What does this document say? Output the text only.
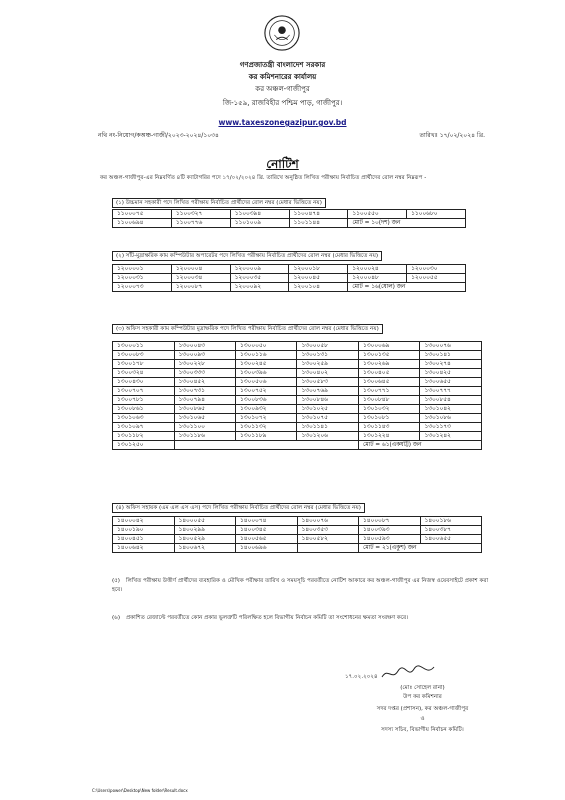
গণপ্রজাতন্ত্রী বাংলাদেশ সরকার
কর কমিশনারের কার্যালয়
কর অঞ্চল-গাজীপুর
জি-১৫৯, রাজবিহীর পশ্চিম পাড়, গাজীপুর।
www.taxeszonegazipur.gov.bd
নথি নং-নিয়োগ/কঅঞ্চ-গাজী/২০২৩-২০২৪/১০৩৪	তারিখঃ ১৭/০২/২০২৪ খ্রি.
নোটিশ
কর অঞ্চল-গাজীপুর-এর নিম্নবর্ণিত ৪টি ক্যাটাগরির পদে ১৭/০২/২০২৪ খ্রি. তারিখে অনুষ্ঠিত লিখিত পরীক্ষায় নির্বাচিত প্রার্থীদের রোল নম্বর নিম্নরূপ -
(১) উচ্চমান সহকারী পদে লিখিত পরীক্ষায় নির্বাচিত প্রার্থীদের রোল নম্বর (মেধার ভিত্তিতে নয়)
১১০০০৭৫	১১০০৩২৭	১১০০৩৯৪	১১০০৪৭৪	১১০০৫৫০	১১০০৬৮০
১১০০৬৯৪	১১০০৭৭৬	১১০১০০৯	১১০১১৪৪	মোট = ১০(দশ) জন	
(২) সাঁট-মুদ্রাক্ষরিক কাম কম্পিউটার অপারেটর পদে লিখিত পরীক্ষায় নির্বাচিত প্রার্থীদের রোল নম্বর (মেধার ভিত্তিতে নয়)
১২০০০০১	১২০০০০৪	১২০০০০৯	১২০০০১৮	১২০০০২৪	১২০০০৩০
১২০০০৩১	১২০০০৩৪	১২০০০৩৫	১২০০০৪৫	১২০০০৪৮	১২০০০৫৫
১২০০০৭৩	১২০০০৮৭	১২০০০৯২	১২০০১০৪	মোট = ১৬(ষোল) জন	
(৩) অফিস সহকারী কাম কম্পিউটার মুদ্রাক্ষরিক পদে লিখিত পরীক্ষায় নির্বাচিত প্রার্থীদের রোল নম্বর (মেধার ভিত্তিতে নয়)
১৩০০০১১	১৩০০০৪৩	১৩০০০৫০	১৩০০০৫৮	১৩০০০৬৯	১৩০০০৭৬
১৩০০০৮৩	১৩০০০৯৩	১৩০০১১৬	১৩০০১৩১	১৩০০১৩৫	১৩০০১৪১
১৩০০১৭৮	১৩০০২২৮	১৩০০২৪৫	১৩০০২৫৯	১৩০০২৬৯	১৩০০২৭৪
১৩০০৩২৪	১৩০০৩৩৩	১৩০০৩৯৬	১৩০০৪০২	১৩০০৪০৫	১৩০০৪২৫
১৩০০৪৩০	১৩০০৪৫২	১৩০০৫০৬	১৩০০৫৮৩	১৩০০৬৪৫	১৩০০৬৫৫
১৩০০৭০৭	১৩০০৭৩১	১৩০০৭৫২	১৩০০৭৬৯	১৩০০৭৭১	১৩০০৭৭৭
১৩০০৭৮১	১৩০০৭৯৪	১৩০০৮৩৬	১৩০০৮৪৬	১৩০০৮৪৮	১৩০০৮৫৪
১৩০০৮৬১	১৩০০৮৬৫	১৩০০৯৩২	১৩০১০২৫	১৩০১০৩২	১৩০১০৪২
১৩০১০৬৩	১৩০১০৬৫	১৩০১০৭২	১৩০১০৭৫	১৩০১০৮১	১৩০১০৮৬
১৩০১০৯৭	১৩০১১০০	১৩০১১৩২	১৩০১১৪১	১৩০১১৪৩	১৩০১১৭৩
১৩০১১৮২	১৩০১১৮৬	১৩০১১৮৯	১৩০১২০৬	১৩০১২২৪	১৩০১২৪২
১৩০১২৫০				মোট = ৬১(একষট্টি) জন	
(৪) অফিস সহায়ক (এম এল এস এস) পদে লিখিত পরীক্ষায় নির্বাচিত প্রার্থীদের রোল নম্বর (মেধার ভিত্তিতে নয়)
১৪০০০৪২	১৪০০০৫৫	১৪০০০৭৪	১৪০০০৭৬	১৪০০০৮৭	১৪০০১৮৬
১৪০০১৯০	১৪০০২৯৯	১৪০০৩৪৫	১৪০০৩৫৩	১৪০০৩৯৩	১৪০০৩৮৭
১৪০০৪৫১	১৪০০৫২৯	১৪০০৫৬৫	১৪০০৫৮২	১৪০০৫৯৩	১৪০০৬৫৫
১৪০০৬৪২	১৪০০৬৭২	১৪০০৬৯৬		মোট = ২১(একুশ) জন	
(৫) লিখিত পরীক্ষায় উত্তীর্ণ প্রার্থীদের ব্যবহারিক ও মৌখিক পরীক্ষার তারিখ ও সময়সূচি পরবর্তীতে নোটিশ আকারে কর অঞ্চল-গাজীপুর এর নিজস্ব ওয়েবসাইটে প্রকাশ করা হবে।
(৬) প্রকাশিত রেজাল্টে পরবর্তীতে কোন প্রকার ভুলত্রুটি পরিলক্ষিত হলে বিভাগীয় নির্বাচন কমিটি তা সংশোধনের ক্ষমতা সংরক্ষণ করে।
১৭.০২.২০২৪
(মোঃ সোহেল রানা)
উপ কর কমিশনার
সদর দপ্তর (প্রশাসন), কর অঞ্চল-গাজীপুর
ও
সদস্য সচিব, বিভাগীয় নির্বাচন কমিটি।
C:\Users\power\Desktop\New folder\Result.docx
